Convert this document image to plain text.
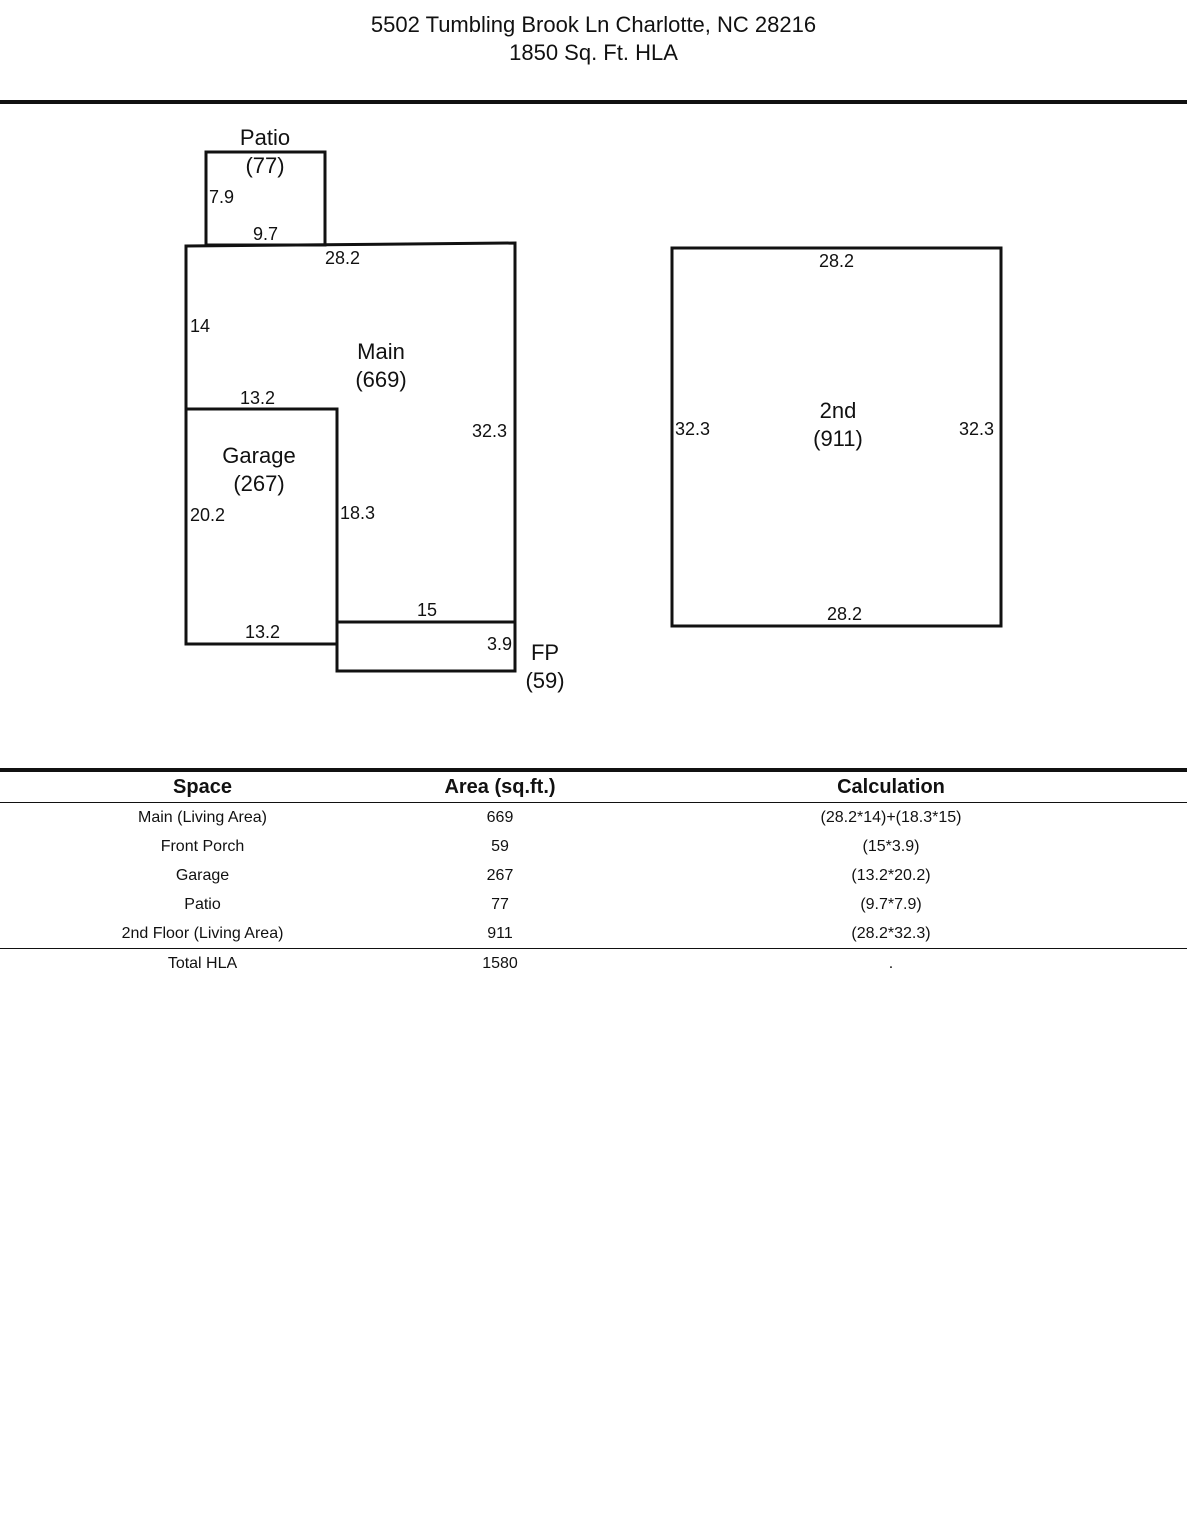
5502 Tumbling Brook Ln Charlotte, NC 28216
1850 Sq. Ft. HLA
Patio
(77)
Main
(669)
Garage
(267)
FP
(59)
2nd
(911)
7.9
9.7
28.2
14
13.2
32.3
20.2	18.3
15
13.2
3.9
28.2
32.3	32.3
28.2
Space	Area (sq.ft.)	Calculation
Main (Living Area)	669	(28.2*14)+(18.3*15)
Front Porch	59	(15*3.9)
Garage	267	(13.2*20.2)
Patio	77	(9.7*7.9)
2nd Floor (Living Area)	911	(28.2*32.3)
Total HLA	1580	.
